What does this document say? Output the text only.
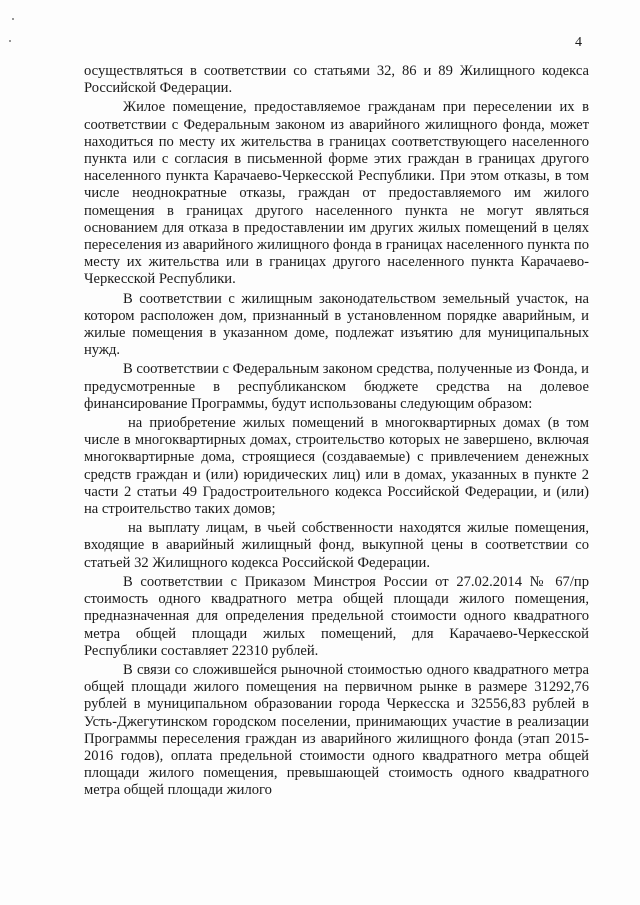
4

осуществляться в соответствии со статьями 32, 86 и 89 Жилищного кодекса Российской Федерации.

Жилое помещение, предоставляемое гражданам при переселении их в соответствии с Федеральным законом из аварийного жилищного фонда, может находиться по месту их жительства в границах соответствующего населенного пункта или с согласия в письменной форме этих граждан в границах другого населенного пункта Карачаево-Черкесской Республики. При этом отказы, в том числе неоднократные отказы, граждан от предоставляемого им жилого помещения в границах другого населенного пункта не могут являться основанием для отказа в предоставлении им других жилых помещений в целях переселения из аварийного жилищного фонда в границах населенного пункта по месту их жительства или в границах другого населенного пункта Карачаево-Черкесской Республики.

В соответствии с жилищным законодательством земельный участок, на котором расположен дом, признанный в установленном порядке аварийным, и жилые помещения в указанном доме, подлежат изъятию для муниципальных нужд.

В соответствии с Федеральным законом средства, полученные из Фонда, и предусмотренные в республиканском бюджете средства на долевое финансирование Программы, будут использованы следующим образом:

на приобретение жилых помещений в многоквартирных домах (в том числе в многоквартирных домах, строительство которых не завершено, включая многоквартирные дома, строящиеся (создаваемые) с привлечением денежных средств граждан и (или) юридических лиц) или в домах, указанных в пункте 2 части 2 статьи 49 Градостроительного кодекса Российской Федерации, и (или) на строительство таких домов;

на выплату лицам, в чьей собственности находятся жилые помещения, входящие в аварийный жилищный фонд, выкупной цены в соответствии со статьей 32 Жилищного кодекса Российской Федерации.

В соответствии с Приказом Минстроя России от 27.02.2014 № 67/пр стоимость одного квадратного метра общей площади жилого помещения, предназначенная для определения предельной стоимости одного квадратного метра общей площади жилых помещений, для Карачаево-Черкесской Республики составляет 22310 рублей.

В связи со сложившейся рыночной стоимостью одного квадратного метра общей площади жилого помещения на первичном рынке в размере 31292,76 рублей в муниципальном образовании города Черкесска и 32556,83 рублей в Усть-Джегутинском городском поселении, принимающих участие в реализации Программы переселения граждан из аварийного жилищного фонда (этап 2015-2016 годов), оплата предельной стоимости одного квадратного метра общей площади жилого помещения, превышающей стоимость одного квадратного метра общей площади жилого
